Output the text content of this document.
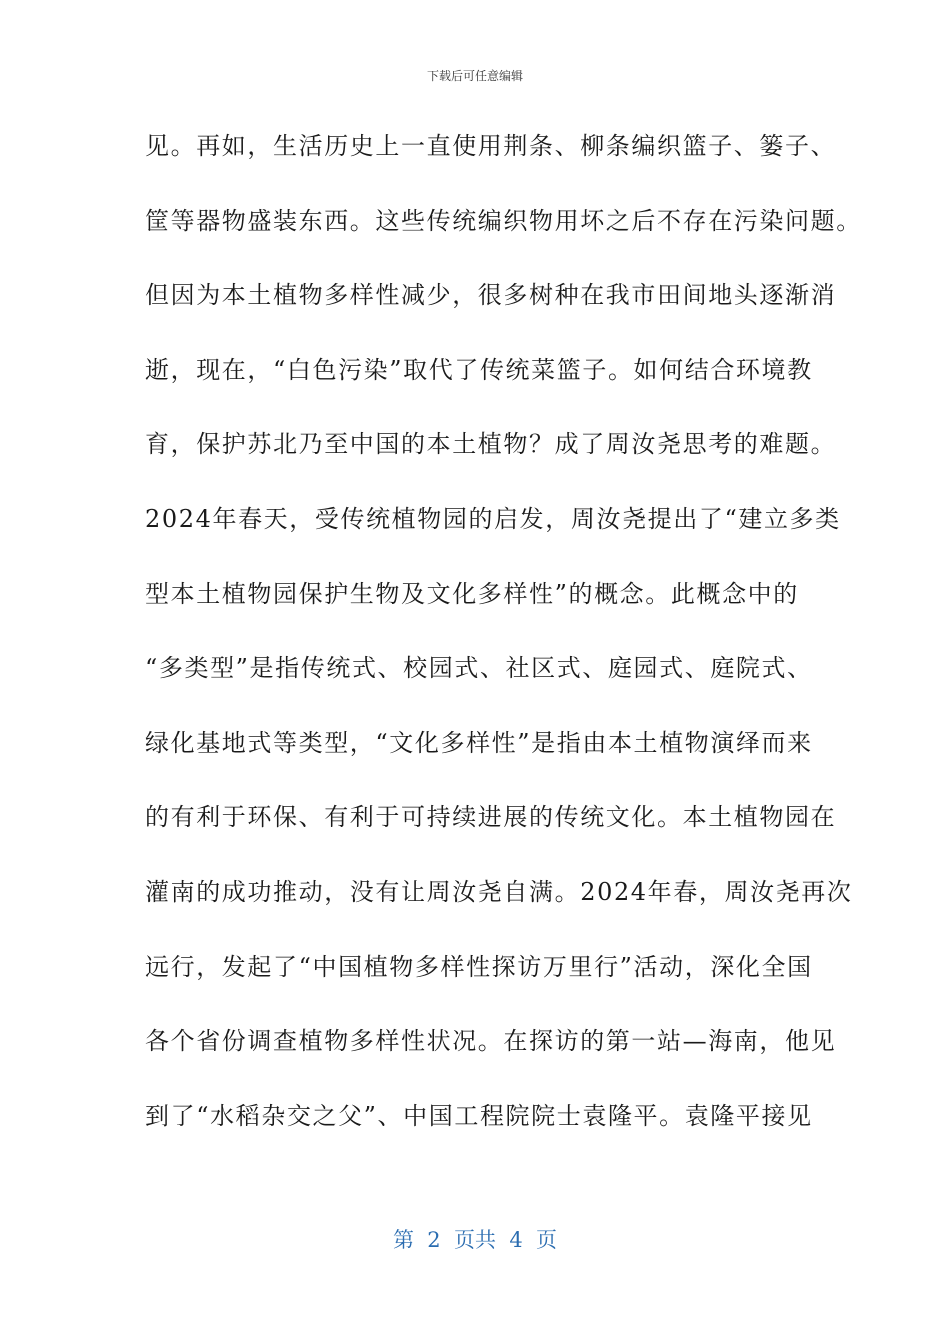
下载后可任意编辑
见。再如，生活历史上一直使用荆条、柳条编织篮子、篓子、
筐等器物盛装东西。这些传统编织物用坏之后不存在污染问题。
但因为本土植物多样性减少，很多树种在我市田间地头逐渐消
逝，现在，“白色污染”取代了传统菜篮子。如何结合环境教
育，保护苏北乃至中国的本土植物？成了周汝尧思考的难题。
2024年春天，受传统植物园的启发，周汝尧提出了“建立多类
型本土植物园保护生物及文化多样性”的概念。此概念中的
“多类型”是指传统式、校园式、社区式、庭园式、庭院式、
绿化基地式等类型，“文化多样性”是指由本土植物演绎而来
的有利于环保、有利于可持续进展的传统文化。本土植物园在
灌南的成功推动，没有让周汝尧自满。2024年春，周汝尧再次
远行，发起了“中国植物多样性探访万里行”活动，深化全国
各个省份调查植物多样性状况。在探访的第一站—海南，他见
到了“水稻杂交之父”、中国工程院院士袁隆平。袁隆平接见
第  2  页共  4  页
